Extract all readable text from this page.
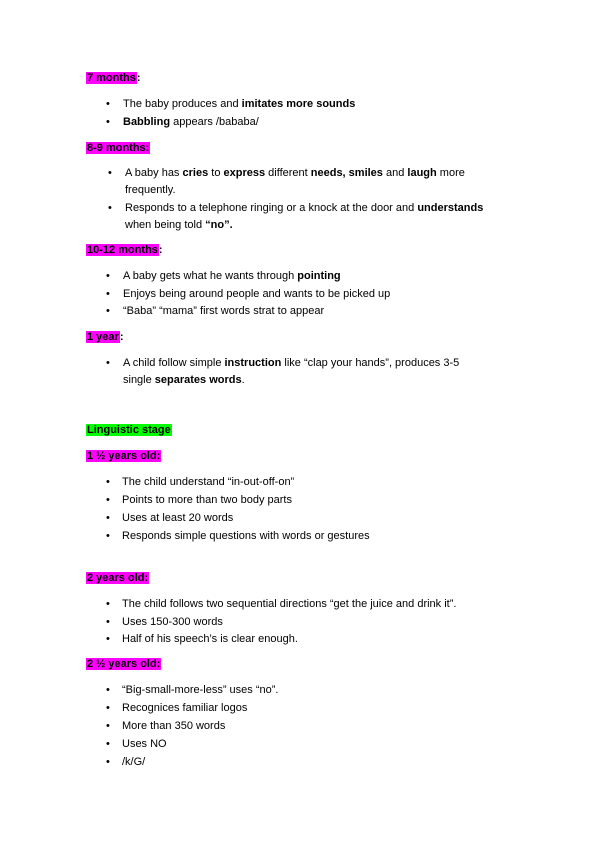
7 months:
• The baby produces and imitates more sounds
• Babbling appears /bababa/
8-9 months:
• A baby has cries to express different needs, smiles and laugh more
frequently.
• Responds to a telephone ringing or a knock at the door and understands
when being told “no”.
10-12 months:
• A baby gets what he wants through pointing
• Enjoys being around people and wants to be picked up
• “Baba” “mama” first words strat to appear
1 year:
• A child follow simple instruction like “clap your hands”, produces 3-5
single separates words.
Linguistic stage
1 ½ years old:
• The child understand “in-out-off-on”
• Points to more than two body parts
• Uses at least 20 words
• Responds simple questions with words or gestures
2 years old:
• The child follows two sequential directions “get the juice and drink it”.
• Uses 150-300 words
• Half of his speech’s is clear enough.
2 ½ years old:
• “Big-small-more-less” uses “no”.
• Recognices familiar logos
• More than 350 words
• Uses NO
• /k/G/
